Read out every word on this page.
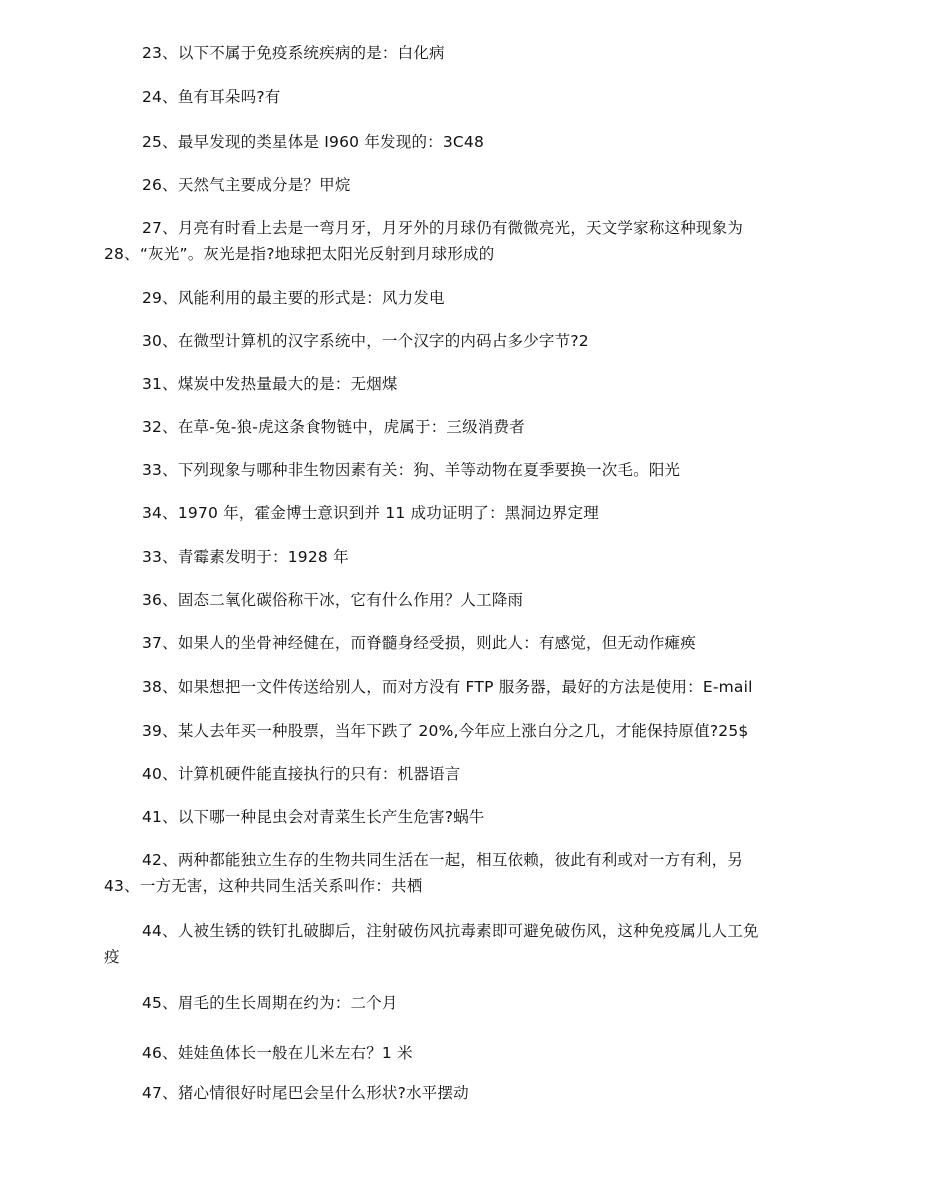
23、以下不属于免疫系统疾病的是：白化病
24、鱼有耳朵吗?有
25、最早发现的类星体是 I960 年发现的：3C48
26、天然气主要成分是？甲烷
27、月亮有时看上去是一弯月牙，月牙外的月球仍有微微亮光，天文学家称这种现象为
28、“灰光”。灰光是指?地球把太阳光反射到月球形成的
29、风能利用的最主要的形式是：风力发电
30、在微型计算机的汉字系统中，一个汉字的内码占多少字节?2
31、煤炭中发热量最大的是：无烟煤
32、在草-兔-狼-虎这条食物链中，虎属于：三级消费者
33、下列现象与哪种非生物因素有关：狗、羊等动物在夏季要换一次毛。阳光
34、1970 年，霍金博士意识到并 11 成功证明了：黑洞边界定理
33、青霉素发明于：1928 年
36、固态二氧化碳俗称干冰，它有什么作用？人工降雨
37、如果人的坐骨神经健在，而脊髓身经受损，则此人：有感觉，但无动作瘫痪
38、如果想把一文件传送给别人，而对方没有 FTP 服务器，最好的方法是使用：E-mail
39、某人去年买一种股票，当年下跌了 20%,今年应上涨白分之几，才能保持原值?25$
40、计算机硬件能直接执行的只有：机器语言
41、以下哪一种昆虫会对青菜生长产生危害?蜗牛
42、两种都能独立生存的生物共同生活在一起，相互依赖，彼此有利或对一方有利，另
43、一方无害，这种共同生活关系叫作：共栖
44、人被生锈的铁钉扎破脚后，注射破伤风抗毒素即可避免破伤风，这种免疫属儿人工免
疫
45、眉毛的生长周期在约为：二个月
46、娃娃鱼体长一般在儿米左右？1 米
47、猪心情很好时尾巴会呈什么形状?水平摆动
